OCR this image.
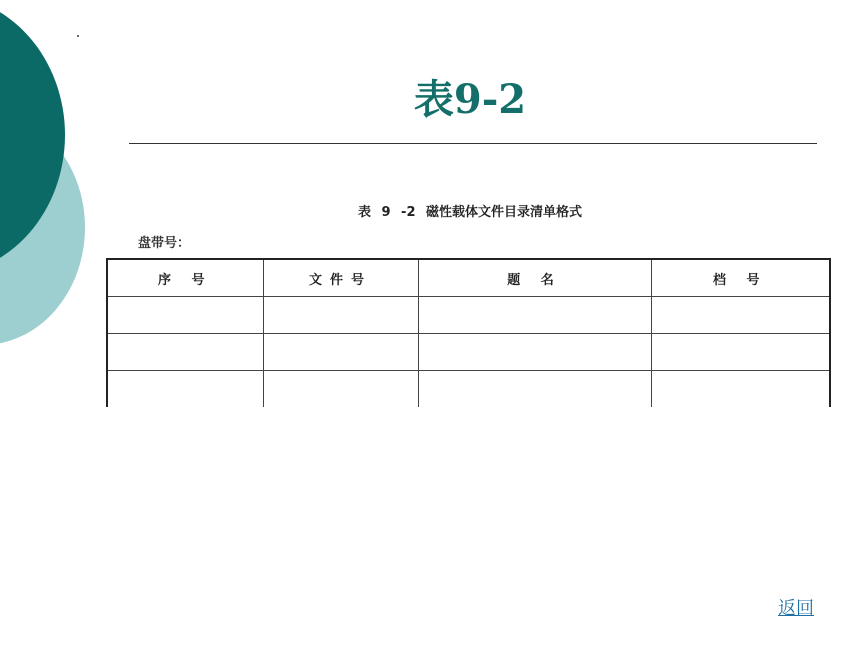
表9-2
表 9 -2 磁性载体文件目录清单格式
盘带号：
序 号	文件号	题 名	档 号

返回
